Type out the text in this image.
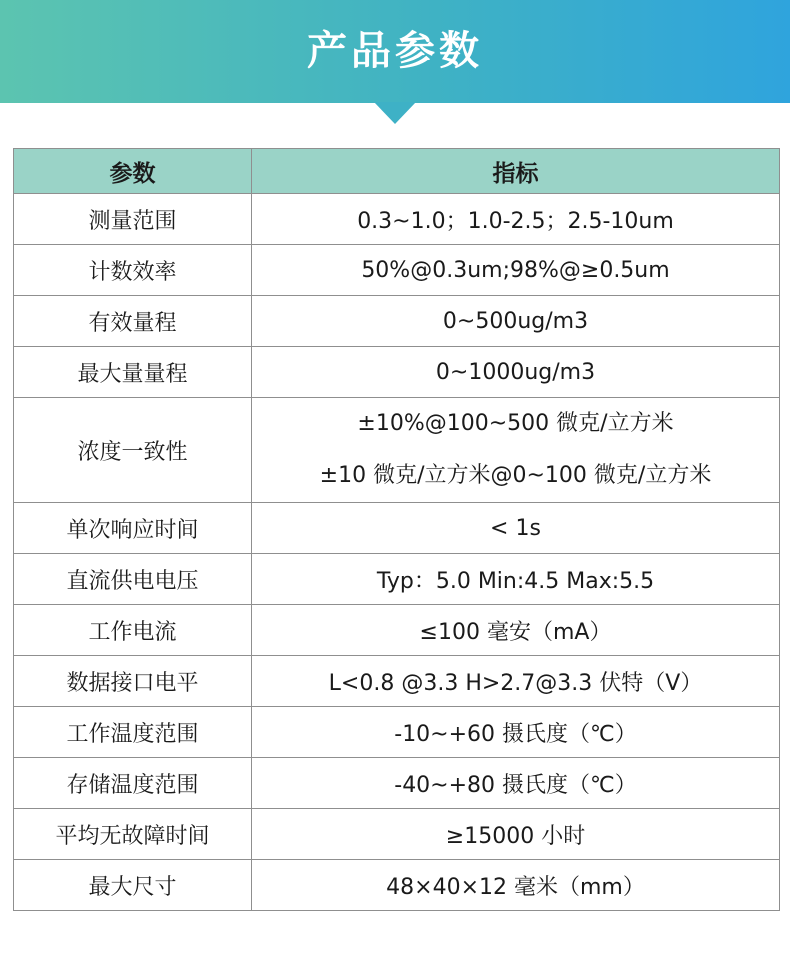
产品参数
参数	指标
测量范围	0.3~1.0；1.0-2.5；2.5-10um
计数效率	50%@0.3um;98%@≥0.5um
有效量程	0~500ug/m3
最大量量程	0~1000ug/m3
浓度一致性	±10%@100~500 微克/立方米
±10 微克/立方米@0~100 微克/立方米

单次响应时间	< 1s
直流供电电压	Typ：5.0 Min:4.5 Max:5.5
工作电流	≤100 毫安（mA）
数据接口电平	L<0.8 @3.3 H>2.7@3.3 伏特（V）
工作温度范围	-10~+60 摄氏度（℃）
存储温度范围	-40~+80 摄氏度（℃）
平均无故障时间	≥15000 小时
最大尺寸	48×40×12 毫米（mm）
